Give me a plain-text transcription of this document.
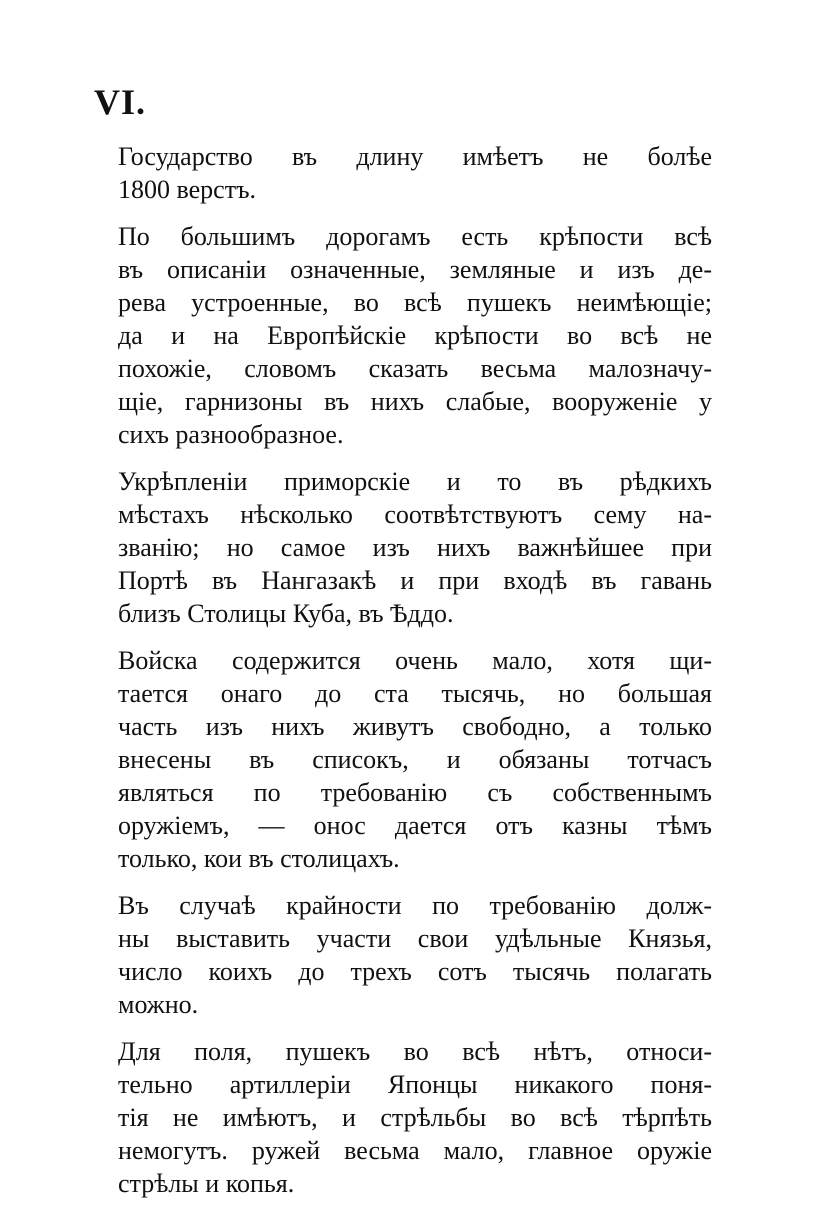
VI.
Государство въ длину имѣетъ не болѣе
1800 верстъ.
По большимъ дорогамъ есть крѣпости всѣ
въ описанiи означенные, земляные и изъ де-
рева устроенные, во всѣ пушекъ неимѣющiе;
да и на Европѣйскiе крѣпости во всѣ не
похожiе, словомъ сказать весьма малозначу-
щiе, гарнизоны въ нихъ слабые, вооруженiе у
сихъ разнообразное.
Укрѣпленiи приморскiе и то въ рѣдкихъ
мѣстахъ нѣсколько соотвѣтствуютъ сему на-
званiю; но самое изъ нихъ важнѣйшее при
Портѣ въ Нангазакѣ и при входѣ въ гавань
близъ Столицы Куба, въ Ѣддо.
Войска содержится очень мало, хотя щи-
тается онаго до ста тысячь, но большая
часть изъ нихъ живутъ свободно, а только
внесены въ списокъ, и обязаны тотчасъ
являться по требованiю съ собственнымъ
оружiемъ, — онос дается отъ казны тѣмъ
только, кои въ столицахъ.
Въ случаѣ крайности по требованiю долж-
ны выставить участи свои удѣльные Князья,
число коихъ до трехъ сотъ тысячь полагать
можно.
Для поля, пушекъ во всѣ нѣтъ, относи-
тельно артиллерiи Японцы никакого поня-
тiя не имѣютъ, и стрѣльбы во всѣ тѣрпѣть
немогутъ. ружей весьма мало, главное оружiе
стрѣлы и копья.
